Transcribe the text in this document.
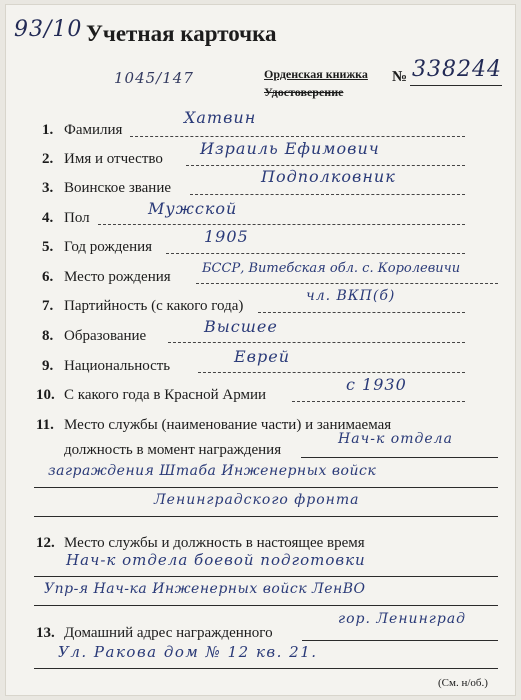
93/10 Учетная карточка
1045/147	Орденская книжка
Удостоверение
№ 338244
1. Фамилия
Хатвин
2. Имя и отчество
Израиль Ефимович
3. Воинское звание
Подполковник
4. Пол	Мужской
5. Год рождения
1905
6. Место рождения
БССР, Витебская обл. с. Королевичи
7. Партийность (с какого года)
чл. ВКП(б)
8. Образование	Высшее
9. Национальность	Еврей
10. С какого года в Красной Армии
с 1930
11. Место службы (наименование части) и занимаемая
должность в момент награждения
Нач-к отдела
заграждения Штаба Инженерных войск
Ленинградского фронта
12. Место службы и должность в настоящее время
Нач-к отдела боевой подготовки
Упр-я Нач-ка Инженерных войск ЛенВО
13. Домашний адрес награжденного
гор. Ленинград
Ул. Ракова дом № 12 кв. 21.
(См. н/об.)
